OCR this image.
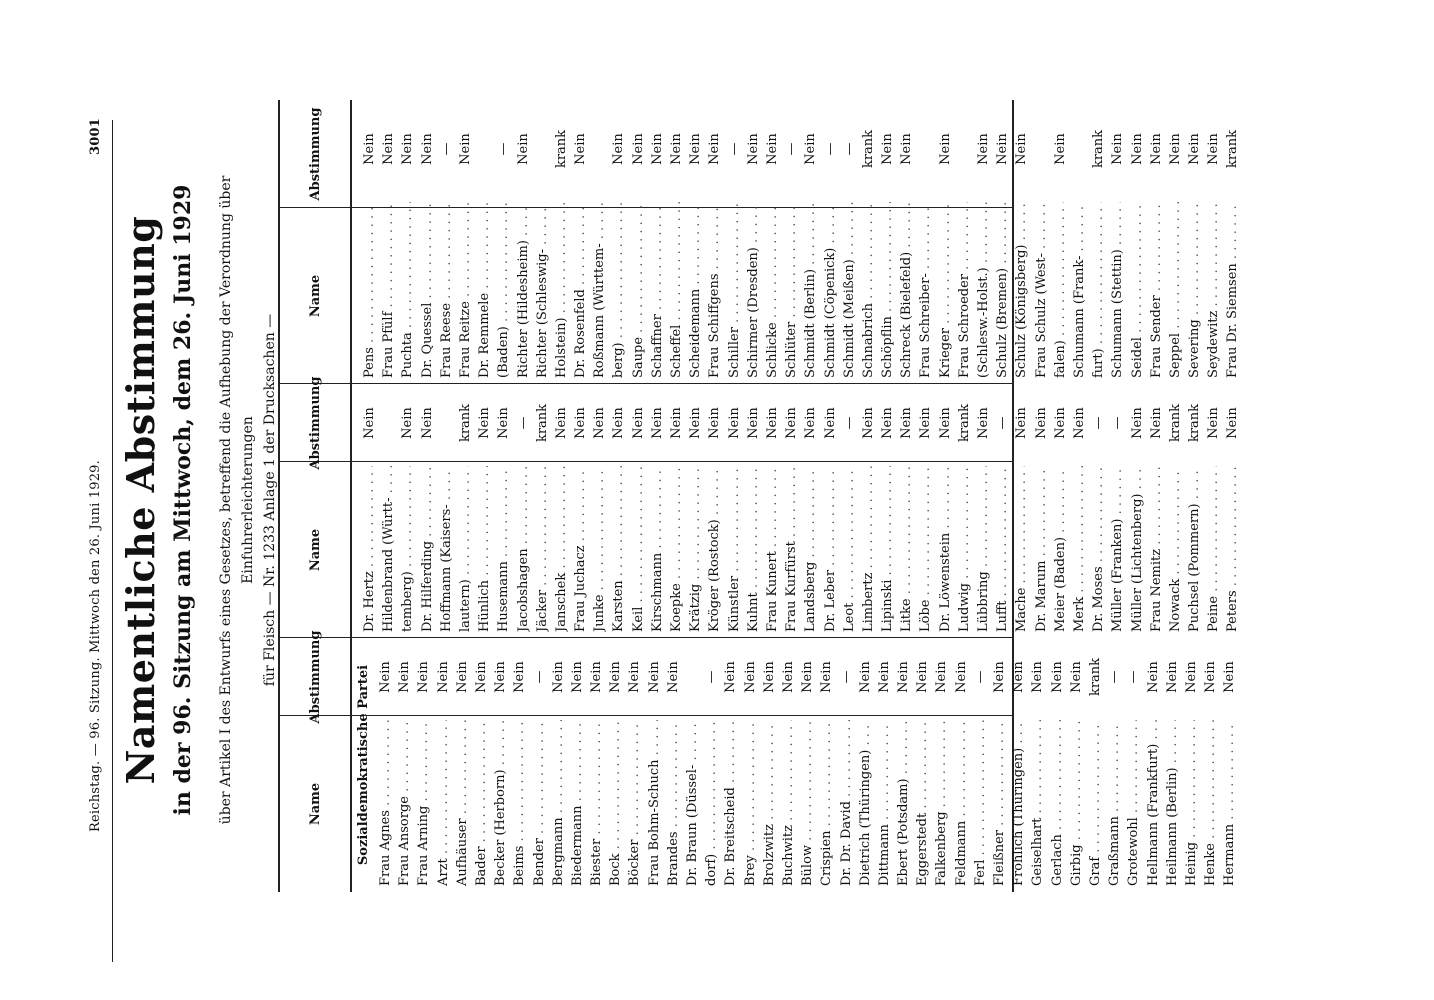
Reichstag. — 96. Sitzung. Mittwoch den 26. Juni 1929.
3001
Namentliche Abstimmung in der 96. Sitzung am Mittwoch, dem 26. Juni 1929 über Artikel I des Entwurfs eines Gesetzes, betreffend die Aufhebung der Verordnung über Einfuhrerleichterungen für Fleisch — Nr. 1233 Anlage 1 der Drucksachen —
Name
Abstimmung
Name
Abstimmung
Name
Abstimmung
Sozialdemokratische Partei Frau Agnes . . .
Nein
Frau Ansorge . . .
Nein
Frau Arning . . .
Nein
Arzt . . .
Nein
Aufhäuser . . .
Nein
Bader . . .
Nein
Becker (Herborn) . . .
Nein
Beims . . .
Nein
Bender . . .
—
Bergmann . . .
Nein
Biedermann . . .
Nein
Biester . . .
Nein
Bock . . .
Nein
Böcker . . .
Nein
Frau Bohm-Schuch . . .
Nein
Brandes . . .
Nein
Dr. Braun (Düssel- . . . dorf) . . .
—
Dr. Breitscheid . . .
Nein
Brey . . .
Nein
Brolzwitz . . .
Nein
Buchwitz . . .
Nein
Bülow . . .
Nein
Crispien . . .
Nein
Dr. Dr. David . . .
—
Dietrich (Thüringen) . . .
Nein
Dittmann . . .
Nein
Ebert (Potsdam) . . .
Nein
Eggerstedt . . .
Nein
Falkenberg . . .
Nein
Feldmann . . .
Nein
Ferl . . .
—
Fleißner . . .
Nein
Fröhlich (Thüringen) . . .
Nein
Geiselhart . . .
Nein
Gerlach . . .
Nein
Girbig . . .
Nein
Graf . . .
krank
Graßmann . . .
—
Grotewohl . . .
—
Hellmann (Frankfurt) . . .
Nein
Heilmann (Berlin) . . .
Nein
Heinig . . .
Nein
Henke . . .
Nein
Hermann . . .
Nein
Dr. Hertz . . .
Nein
Hildenbrand (Württ- . . . temberg) . . .
Nein
Dr. Hilferding . . .
Nein
Hoffmann (Kaisers- . . . lautern) . . .
krank
Hünlich . . .
Nein
Husemann . . .
Nein
Jacobshagen . . .
—
Jäcker . . .
krank
Janschek . . .
Nein
Frau Juchacz . . .
Nein
Junke . . .
Nein
Karsten . . .
Nein
Keil . . .
Nein
Kirschmann . . .
Nein
Koepke . . .
Nein
Krätzig . . .
Nein
Kröger (Rostock) . . .
Nein
Künstler . . .
Nein
Kuhnt . . .
Nein
Frau Kunert . . .
Nein
Frau Kurfürst . . .
Nein
Landsberg . . .
Nein
Dr. Leber . . .
Nein
Leot . . .
—
Limbertz . . .
Nein
Lipinski . . .
Nein
Litke . . .
Nein
Löbe . . .
Nein
Dr. Löwenstein . . .
Nein
Ludwig . . .
krank
Lübbring . . .
Nein
Lufft . . .
—
Mache . . .
Nein
Dr. Marum . . .
Nein
Meier (Baden) . . .
Nein
Merk . . .
Nein
Dr. Moses . . .
—
Müller (Franken) . . .
—
Müller (Lichtenberg) . . .
Nein
Frau Nemitz . . .
Nein
Nowack . . .
krank
Puchsel (Pommern) . . .
krank
Peine . . .
Nein
Peters . . .
Nein
Pens . . .
Nein
Frau Pfülf . . .
Nein
Puchta . . .
Nein
Dr. Quessel . . .
Nein
Frau Reese . . .
—
Frau Reitze . . .
Nein
Dr. Remmele . . . (Baden) . . .
—
Richter (Hildesheim) . . .
Nein
Richter (Schleswig- . . . Holstein) . . .
krank
Dr. Rosenfeld . . .
Nein
Roßmann (Württem- . . . berg) . . .
Nein
Saupe . . .
Nein
Schaffner . . .
Nein
Scheffel . . .
Nein
Scheidemann . . .
Nein
Frau Schiffgens . . .
Nein
Schiller . . .
—
Schirmer (Dresden) . . .
Nein
Schlicke . . .
Nein
Schlüter . . .
—
Schmidt (Berlin) . . .
Nein
Schmidt (Cöpenick) . . .
—
Schmidt (Meißen) . . .
—
Schnabrich . . .
krank
Schöpflin . . .
Nein
Schreck (Bielefeld) . . .
Nein
Frau Schreiber- . . . Krieger . . .
Nein
Frau Schroeder . . . (Schlesw.-Holst.) . . .
Nein
Schulz (Bremen) . . .
Nein
Schulz (Königsberg) . . .
Nein
Frau Schulz (West- . . . falen) . . .
Nein
Schumann (Frank- . . . furt) . . .
krank
Schumann (Stettin) . . .
Nein
Seidel . . .
Nein
Frau Sender . . .
Nein
Seppel . . .
Nein
Severing . . .
Nein
Seydewitz . . .
Nein
Frau Dr. Siemsen . . .
krank
